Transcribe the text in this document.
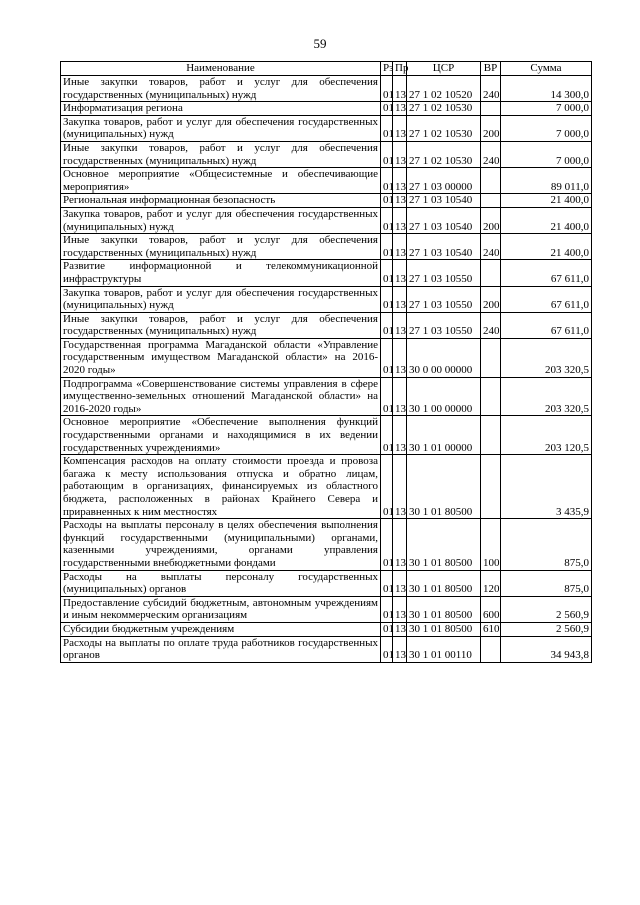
59
Наименование	Рз	Пр	ЦСР	ВР	Сумма
Иные закупки товаров, работ и услуг для обеспечения государственных (муниципальных) нужд	01	13	27 1 02 10520	240	14 300,0
Информатизация региона	01	13	27 1 02 10530		7 000,0
Закупка товаров, работ и услуг для обеспечения государственных (муниципальных) нужд	01	13	27 1 02 10530	200	7 000,0
Иные закупки товаров, работ и услуг для обеспечения государственных (муниципальных) нужд	01	13	27 1 02 10530	240	7 000,0
Основное мероприятие «Общесистемные и обеспечивающие мероприятия»	01	13	27 1 03 00000		89 011,0
Региональная информационная безопасность	01	13	27 1 03 10540		21 400,0
Закупка товаров, работ и услуг для обеспечения государственных (муниципальных) нужд	01	13	27 1 03 10540	200	21 400,0
Иные закупки товаров, работ и услуг для обеспечения государственных (муниципальных) нужд	01	13	27 1 03 10540	240	21 400,0
Развитие информационной и телекоммуникационной инфраструктуры	01	13	27 1 03 10550		67 611,0
Закупка товаров, работ и услуг для обеспечения государственных (муниципальных) нужд	01	13	27 1 03 10550	200	67 611,0
Иные закупки товаров, работ и услуг для обеспечения государственных (муниципальных) нужд	01	13	27 1 03 10550	240	67 611,0
Государственная программа Магаданской области «Управление государственным имуществом Магаданской области» на 2016-2020 годы»	01	13	30 0 00 00000		203 320,5
Подпрограмма «Совершенствование системы управления в сфере имущественно-земельных отношений Магаданской области» на 2016-2020 годы»	01	13	30 1 00 00000		203 320,5
Основное мероприятие «Обеспечение выполнения функций государственными органами и находящимися в их ведении государственных учреждениями»	01	13	30 1 01 00000		203 120,5
Компенсация расходов на оплату стоимости проезда и провоза багажа к месту использования отпуска и обратно лицам, работающим в организациях, финансируемых из областного бюджета, расположенных в районах Крайнего Севера и приравненных к ним местностях	01	13	30 1 01 80500		3 435,9
Расходы на выплаты персоналу в целях обеспечения выполнения функций государственными (муниципальными) органами, казенными учреждениями, органами управления государственными внебюджетными фондами	01	13	30 1 01 80500	100	875,0
Расходы на выплаты персоналу государственных (муниципальных) органов	01	13	30 1 01 80500	120	875,0
Предоставление субсидий бюджетным, автономным учреждениям и иным некоммерческим организациям	01	13	30 1 01 80500	600	2 560,9
Субсидии бюджетным учреждениям	01	13	30 1 01 80500	610	2 560,9
Расходы на выплаты по оплате труда работников государственных органов	01	13	30 1 01 00110		34 943,8
